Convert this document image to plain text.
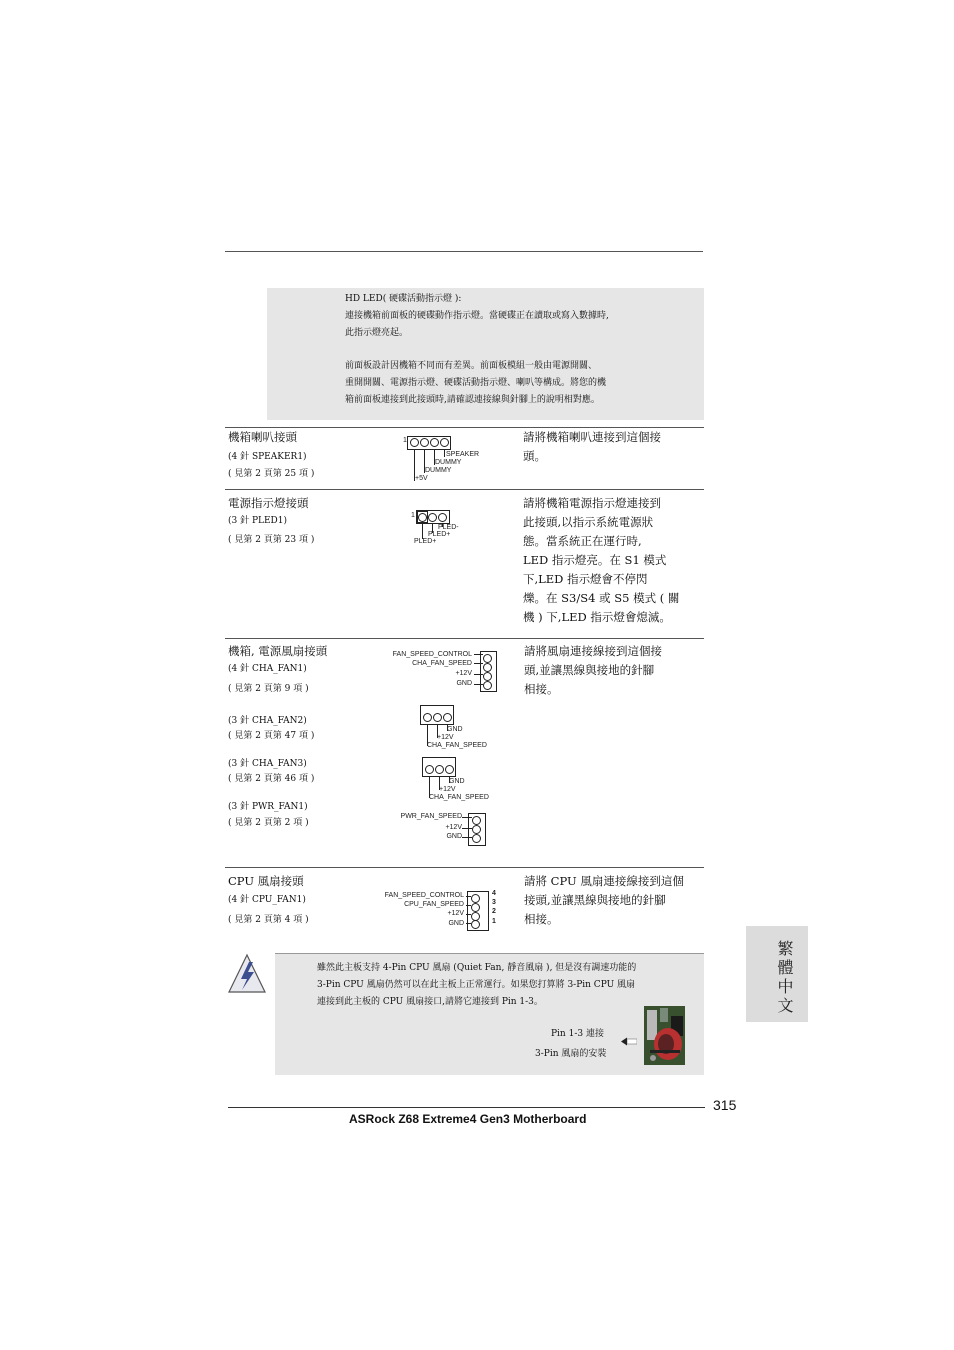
HD LED( 硬碟活動指示燈 ):

連接機箱前面板的硬碟動作指示燈。當硬碟正在讀取或寫入數據時,

此指示燈亮起。

前面板設計因機箱不同而有差異。前面板模組一般由電源開關、

重開開關、電源指示燈、硬碟活動指示燈、喇叭等構成。將您的機

箱前面板連接到此接頭時,請確認連接線與針腳上的說明相對應。

機箱喇叭接頭
(4 針 SPEAKER1)
( 見第 2 頁第 25 項 )
1
SPEAKER
DUMMY
DUMMY
+5V
請將機箱喇叭連接到這個接
頭。
電源指示燈接頭
(3 針 PLED1)
( 見第 2 頁第 23 項 )
1
PLED-
PLED+
PLED+
請將機箱電源指示燈連接到
此接頭,以指示系統電源狀
態。當系統正在運行時,
LED 指示燈亮。在 S1 模式
下,LED 指示燈會不停閃
爍。在 S3/S4 或 S5 模式 ( 關
機 ) 下,LED 指示燈會熄滅。
機箱, 電源風扇接頭
(4 針 CHA_FAN1)
( 見第 2 頁第 9 項 )
FAN_SPEED_CONTROL
CHA_FAN_SPEED
+12V
GND
(3 針 CHA_FAN2)
( 見第 2 頁第 47 項 )
GND
+12V
CHA_FAN_SPEED
(3 針 CHA_FAN3)
( 見第 2 頁第 46 項 )	GND
+12V
CHA_FAN_SPEED
(3 針 PWR_FAN1)
( 見第 2 頁第 2 項 )
PWR_FAN_SPEED
+12V
GND
請將風扇連接線接到這個接
頭,並讓黑線與接地的針腳
相接。
CPU 風扇接頭
(4 針 CPU_FAN1)
( 見第 2 頁第 4 項 )
FAN_SPEED_CONTROL
CPU_FAN_SPEED
+12V
GND
4
3
2
1
請將 CPU 風扇連接線接到這個
接頭,並讓黑線與接地的針腳
相接。
雖然此主板支持 4-Pin CPU 風扇 (Quiet Fan, 靜音風扇 ), 但是沒有調速功能的
3-Pin CPU 風扇仍然可以在此主板上正常運行。如果您打算將 3-Pin CPU 風扇
連接到此主板的 CPU 風扇接口,請將它連接到 Pin 1-3。
Pin 1-3 連接
3-Pin 風扇的安裝
繁體中文
315
ASRock Z68 Extreme4 Gen3 Motherboard
